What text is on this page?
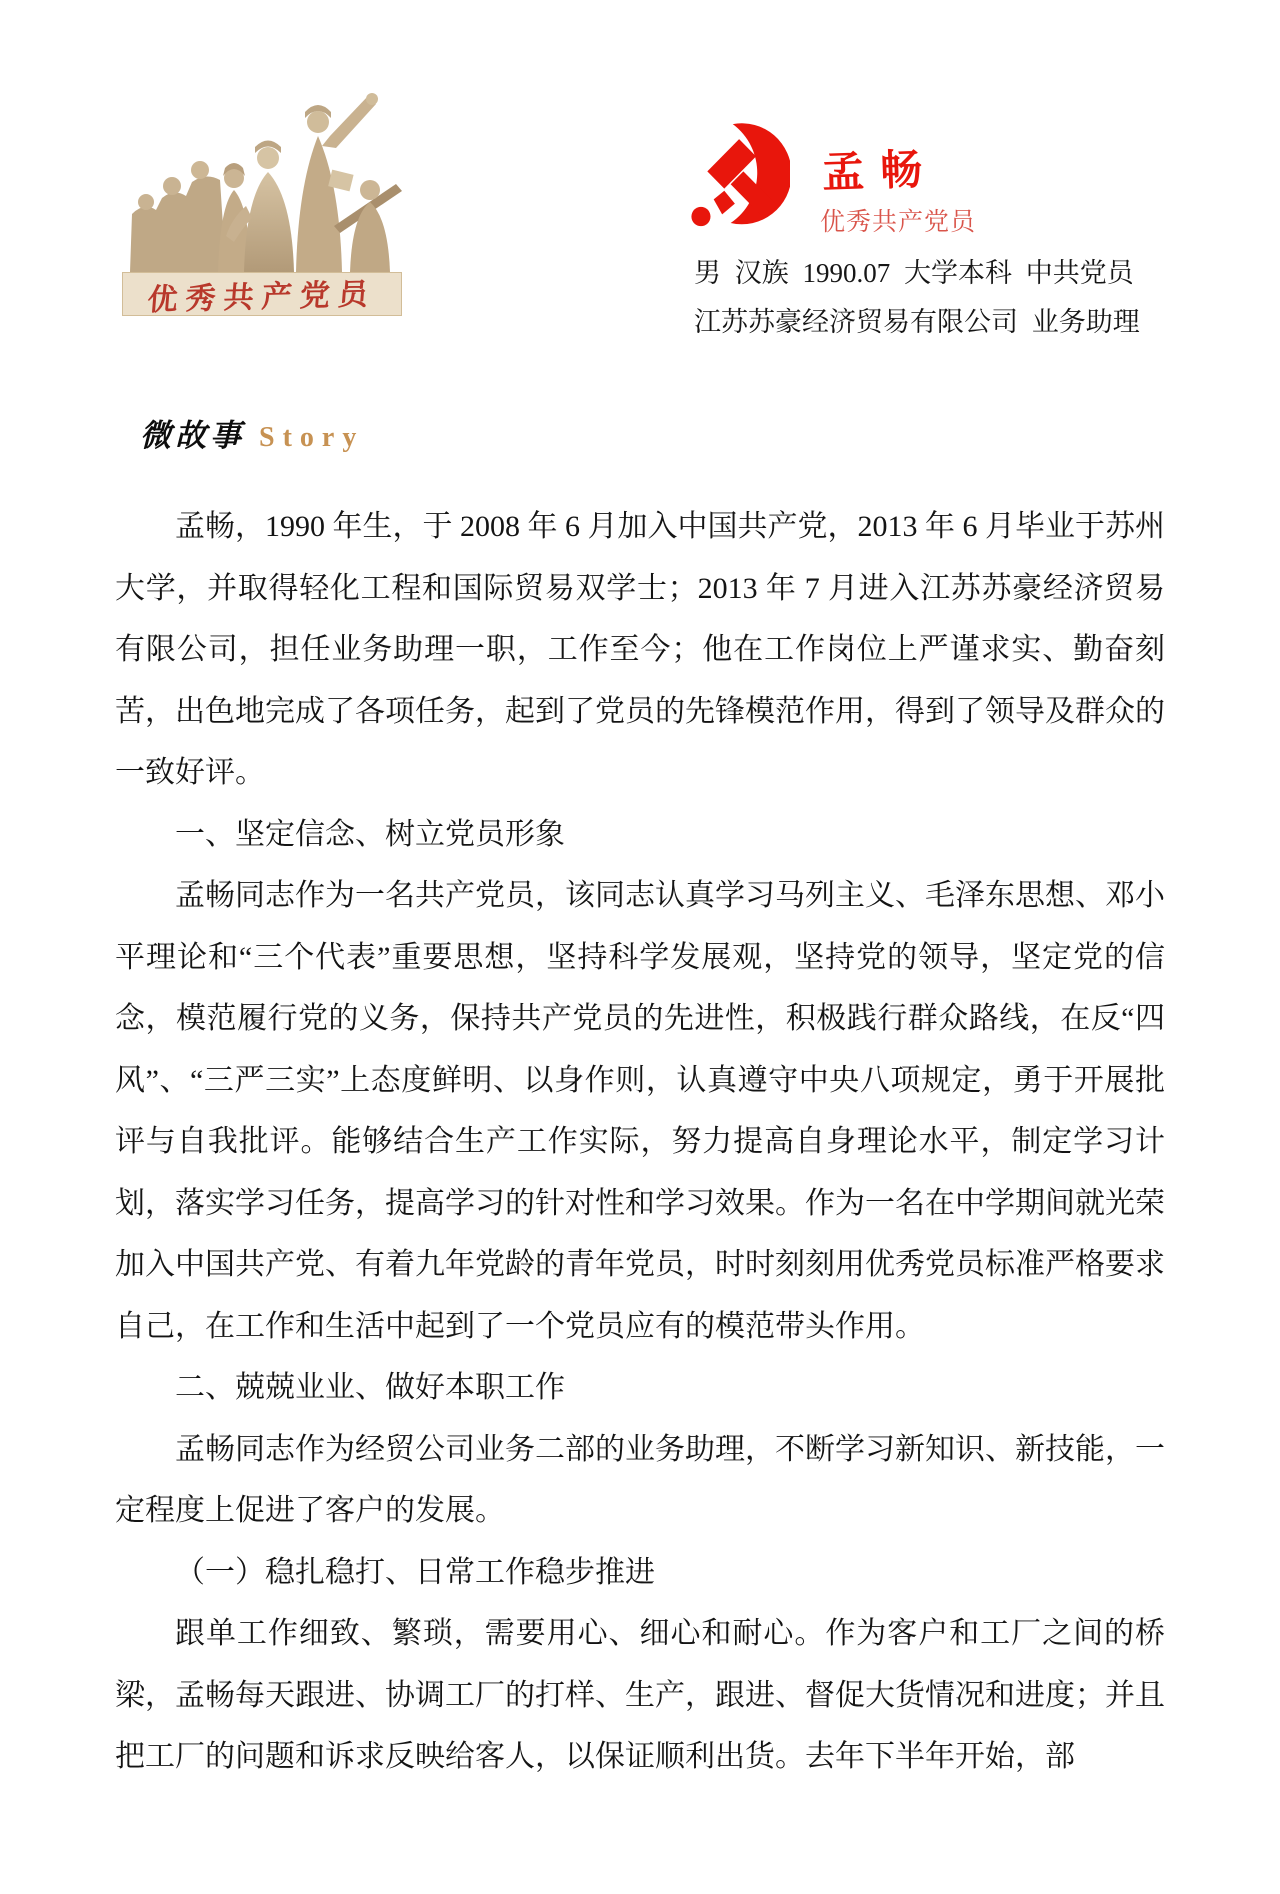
优秀共产党员
孟畅
优秀共产党员
男 汉族 1990.07 大学本科 中共党员
江苏苏豪经济贸易有限公司 业务助理
微故事 Story

孟畅，1990 年生，于 2008 年 6 月加入中国共产党，2013 年 6 月毕业于苏州大学，并取得轻化工程和国际贸易双学士；2013 年 7 月进入江苏苏豪经济贸易有限公司，担任业务助理一职，工作至今；他在工作岗位上严谨求实、勤奋刻苦，出色地完成了各项任务，起到了党员的先锋模范作用，得到了领导及群众的一致好评。

一、坚定信念、树立党员形象

孟畅同志作为一名共产党员，该同志认真学习马列主义、毛泽东思想、邓小平理论和“三个代表”重要思想，坚持科学发展观，坚持党的领导，坚定党的信念，模范履行党的义务，保持共产党员的先进性，积极践行群众路线，在反“四风”、“三严三实”上态度鲜明、以身作则，认真遵守中央八项规定，勇于开展批评与自我批评。能够结合生产工作实际，努力提高自身理论水平，制定学习计划，落实学习任务，提高学习的针对性和学习效果。作为一名在中学期间就光荣加入中国共产党、有着九年党龄的青年党员，时时刻刻用优秀党员标准严格要求自己，在工作和生活中起到了一个党员应有的模范带头作用。

二、兢兢业业、做好本职工作

孟畅同志作为经贸公司业务二部的业务助理，不断学习新知识、新技能，一定程度上促进了客户的发展。

（一）稳扎稳打、日常工作稳步推进

跟单工作细致、繁琐，需要用心、细心和耐心。作为客户和工厂之间的桥梁，孟畅每天跟进、协调工厂的打样、生产，跟进、督促大货情况和进度；并且把工厂的问题和诉求反映给客人，以保证顺利出货。去年下半年开始，部
